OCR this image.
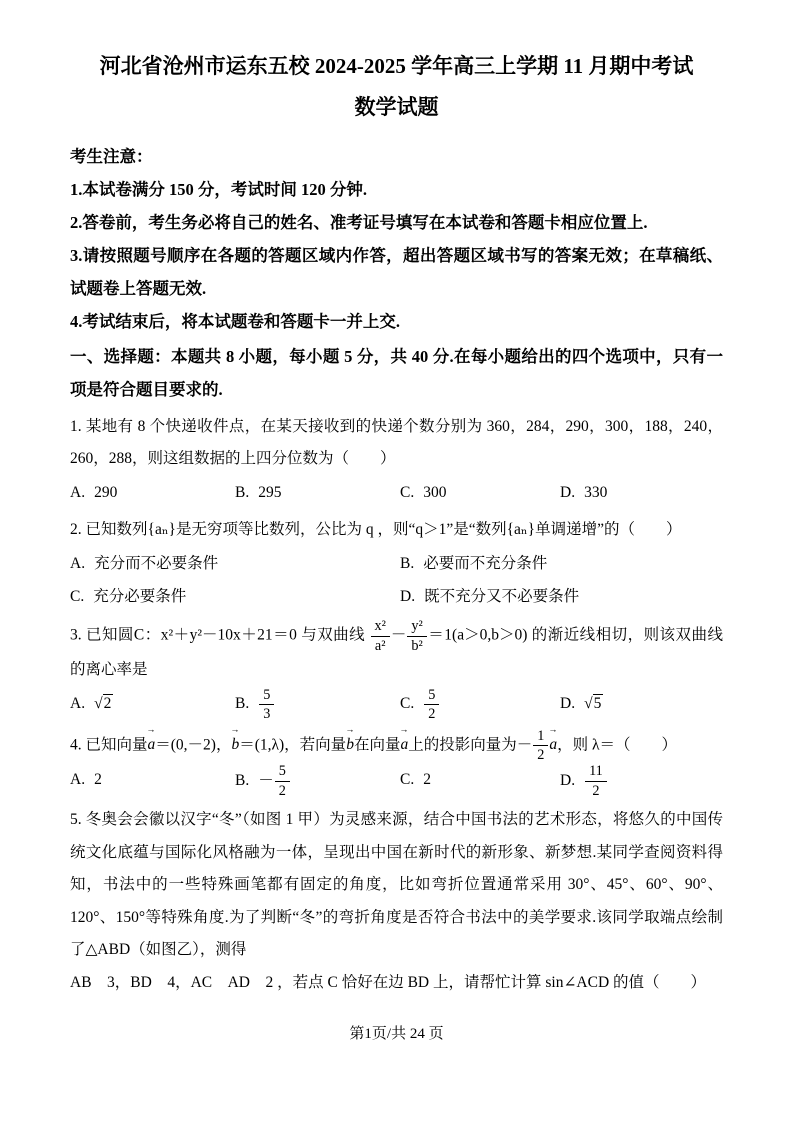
河北省沧州市运东五校 2024-2025 学年高三上学期 11 月期中考试
数学试题

考生注意：

1.本试卷满分 150 分，考试时间 120 分钟.

2.答卷前，考生务必将自己的姓名、准考证号填写在本试卷和答题卡相应位置上.

3.请按照题号顺序在各题的答题区域内作答，超出答题区域书写的答案无效；在草稿纸、试题卷上答题无效.

4.考试结束后，将本试题卷和答题卡一并上交.

一、选择题：本题共 8 小题，每小题 5 分，共 40 分.在每小题给出的四个选项中，只有一项是符合题目要求的.

1. 某地有 8 个快递收件点，在某天接收到的快递个数分别为 360，284，290，300，188，240，260，288，则这组数据的上四分位数为（　　）

A. 290	B. 295	C. 300	D. 330

2. 已知数列{aₙ}是无穷项等比数列，公比为 q ，则“q＞1”是“数列{aₙ}单调递增”的（　　）

A. 充分而不必要条件	B. 必要而不充分条件
C. 充分必要条件	D. 既不充分又不必要条件

3. 已知圆C：x²＋y²－10x＋21＝0 与双曲线 $\frac{\text{x²}}{\text{a²}} - \frac{\text{y²}}{\text{b²}} =1(a>0,b>0)$ 的渐近线相切，则该双曲线的离心率是

A. √2	B. $\frac{5}{3}$	C. $\frac{5}{2}$	D. √5

4. 已知向量→ a＝(0,－2)，→ b＝(1,λ)，若向量→ b在向量→ a上的投影向量为－ $\frac{1}{2} \to a$，则 λ＝（　　）

A. 2	B. － $\frac{5}{2}$	C. 2	D. $\frac{11}{2}$

5. 冬奥会会徽以汉字“冬”（如图 1 甲）为灵感来源，结合中国书法的艺术形态，将悠久的中国传统文化底蕴与国际化风格融为一体，呈现出中国在新时代的新形象、新梦想.某同学查阅资料得知，书法中的一些特殊画笔都有固定的角度，比如弯折位置通常采用 30°、45°、60°、90°、120°、150°等特殊角度.为了判断“冬”的弯折角度是否符合书法中的美学要求.该同学取端点绘制了△ABD（如图乙），测得

AB　3，BD　4，AC　AD　2 ，若点 C 恰好在边 BD 上，请帮忙计算 sin∠ACD 的值（　　）

第1页/共 24 页
